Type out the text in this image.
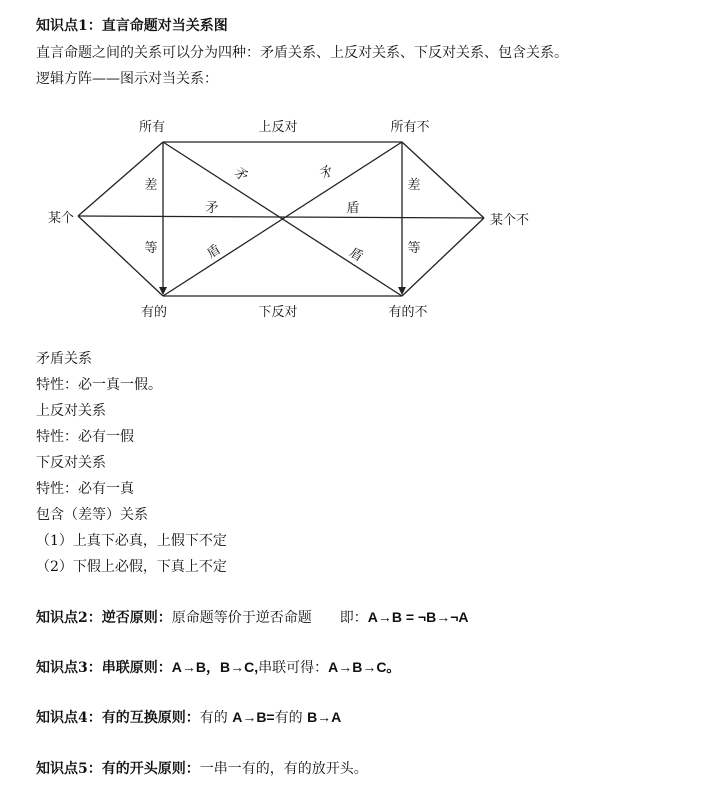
知识点1：直言命题对当关系图
直言命题之间的关系可以分为四种：矛盾关系、上反对关系、下反对关系、包含关系。
逻辑方阵——图示对当关系：
所有	所有不
有的	有的不
某个	某个不
上反对
下反对
差
等
差
等
矛	盾
矛	矛
盾	盾
矛盾关系
特性：必一真一假。
上反对关系
特性：必有一假
下反对关系
特性：必有一真
包含（差等）关系
（1）上真下必真，上假下不定
（2）下假上必假，下真上不定
知识点2：逆否原则：原命题等价于逆否命题 即：A→B = ¬B→¬A
知识点3：串联原则：A→B，B→C,串联可得：A→B→C。
知识点4：有的互换原则：有的 A→B=有的 B→A
知识点5：有的开头原则：一串一有的，有的放开头。
